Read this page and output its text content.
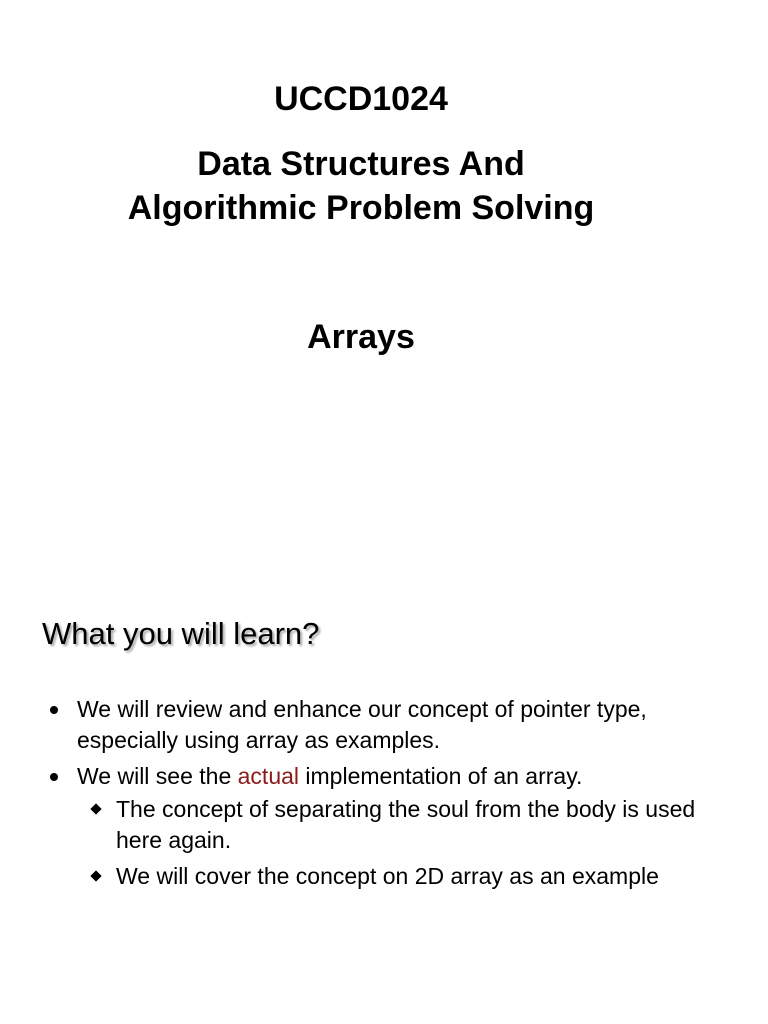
UCCD1024
Data Structures And
Algorithmic Problem Solving
Arrays
What you will learn?
We will review and enhance our concept of pointer type, especially using array as examples.
We will see the actual implementation of an array.
The concept of separating the soul from the body is used here again.
We will cover the concept on 2D array as an example
